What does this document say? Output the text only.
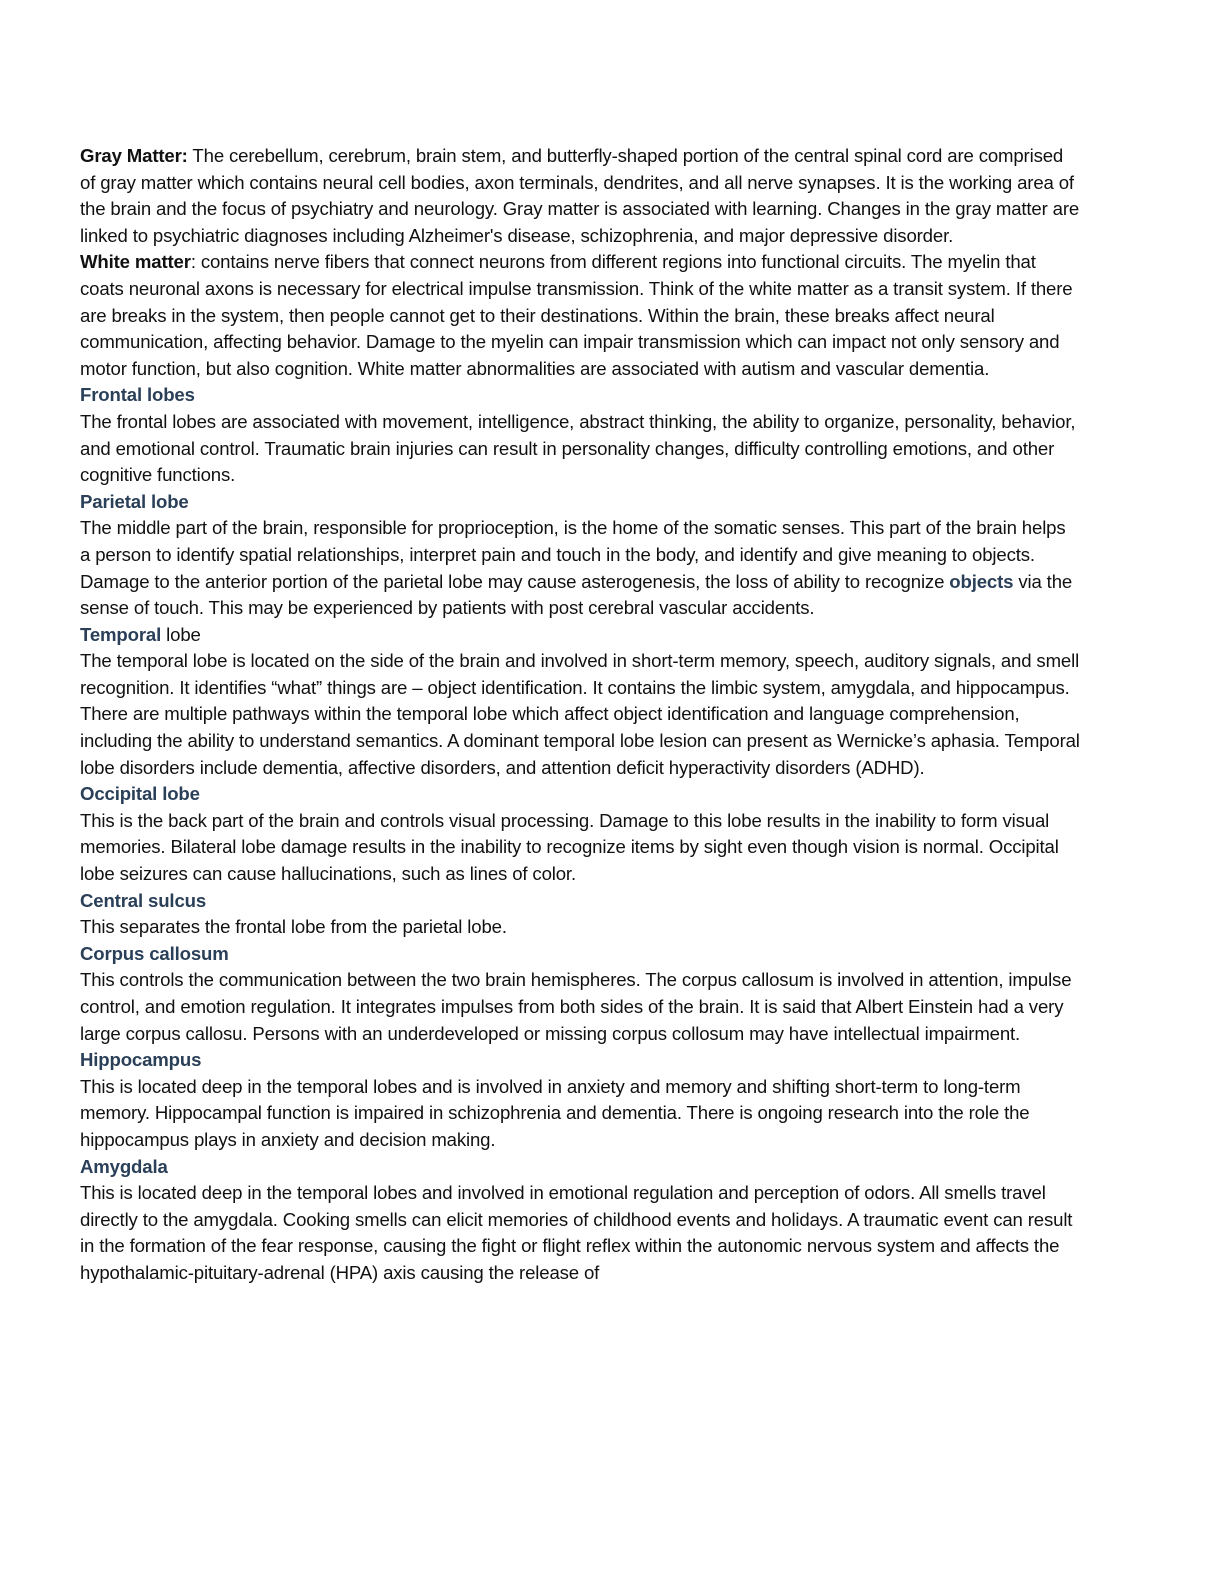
Gray Matter: The cerebellum, cerebrum, brain stem, and butterfly-shaped portion of the central spinal cord are comprised of gray matter which contains neural cell bodies, axon terminals, dendrites, and all nerve synapses. It is the working area of the brain and the focus of psychiatry and neurology. Gray matter is associated with learning. Changes in the gray matter are linked to psychiatric diagnoses including Alzheimer's disease, schizophrenia, and major depressive disorder.

White matter: contains nerve fibers that connect neurons from different regions into functional circuits. The myelin that coats neuronal axons is necessary for electrical impulse transmission. Think of the white matter as a transit system. If there are breaks in the system, then people cannot get to their destinations. Within the brain, these breaks affect neural communication, affecting behavior. Damage to the myelin can impair transmission which can impact not only sensory and motor function, but also cognition. White matter abnormalities are associated with autism and vascular dementia.

Frontal lobes

The frontal lobes are associated with movement, intelligence, abstract thinking, the ability to organize, personality, behavior, and emotional control. Traumatic brain injuries can result in personality changes, difficulty controlling emotions, and other cognitive functions.

Parietal lobe

The middle part of the brain, responsible for proprioception, is the home of the somatic senses. This part of the brain helps a person to identify spatial relationships, interpret pain and touch in the body, and identify and give meaning to objects. Damage to the anterior portion of the parietal lobe may cause asterogenesis, the loss of ability to recognize objects via the sense of touch. This may be experienced by patients with post cerebral vascular accidents.

Temporal lobe

The temporal lobe is located on the side of the brain and involved in short-term memory, speech, auditory signals, and smell recognition. It identifies “what” things are – object identification. It contains the limbic system, amygdala, and hippocampus. There are multiple pathways within the temporal lobe which affect object identification and language comprehension, including the ability to understand semantics. A dominant temporal lobe lesion can present as Wernicke’s aphasia. Temporal lobe disorders include dementia, affective disorders, and attention deficit hyperactivity disorders (ADHD).

Occipital lobe

This is the back part of the brain and controls visual processing. Damage to this lobe results in the inability to form visual memories. Bilateral lobe damage results in the inability to recognize items by sight even though vision is normal. Occipital lobe seizures can cause hallucinations, such as lines of color.

Central sulcus

This separates the frontal lobe from the parietal lobe.

Corpus callosum

This controls the communication between the two brain hemispheres. The corpus callosum is involved in attention, impulse control, and emotion regulation. It integrates impulses from both sides of the brain. It is said that Albert Einstein had a very large corpus callosu. Persons with an underdeveloped or missing corpus collosum may have intellectual impairment.

Hippocampus

This is located deep in the temporal lobes and is involved in anxiety and memory and shifting short-term to long-term memory. Hippocampal function is impaired in schizophrenia and dementia. There is ongoing research into the role the hippocampus plays in anxiety and decision making.

Amygdala

This is located deep in the temporal lobes and involved in emotional regulation and perception of odors. All smells travel directly to the amygdala. Cooking smells can elicit memories of childhood events and holidays. A traumatic event can result in the formation of the fear response, causing the fight or flight reflex within the autonomic nervous system and affects the hypothalamic-pituitary-adrenal (HPA) axis causing the release of
